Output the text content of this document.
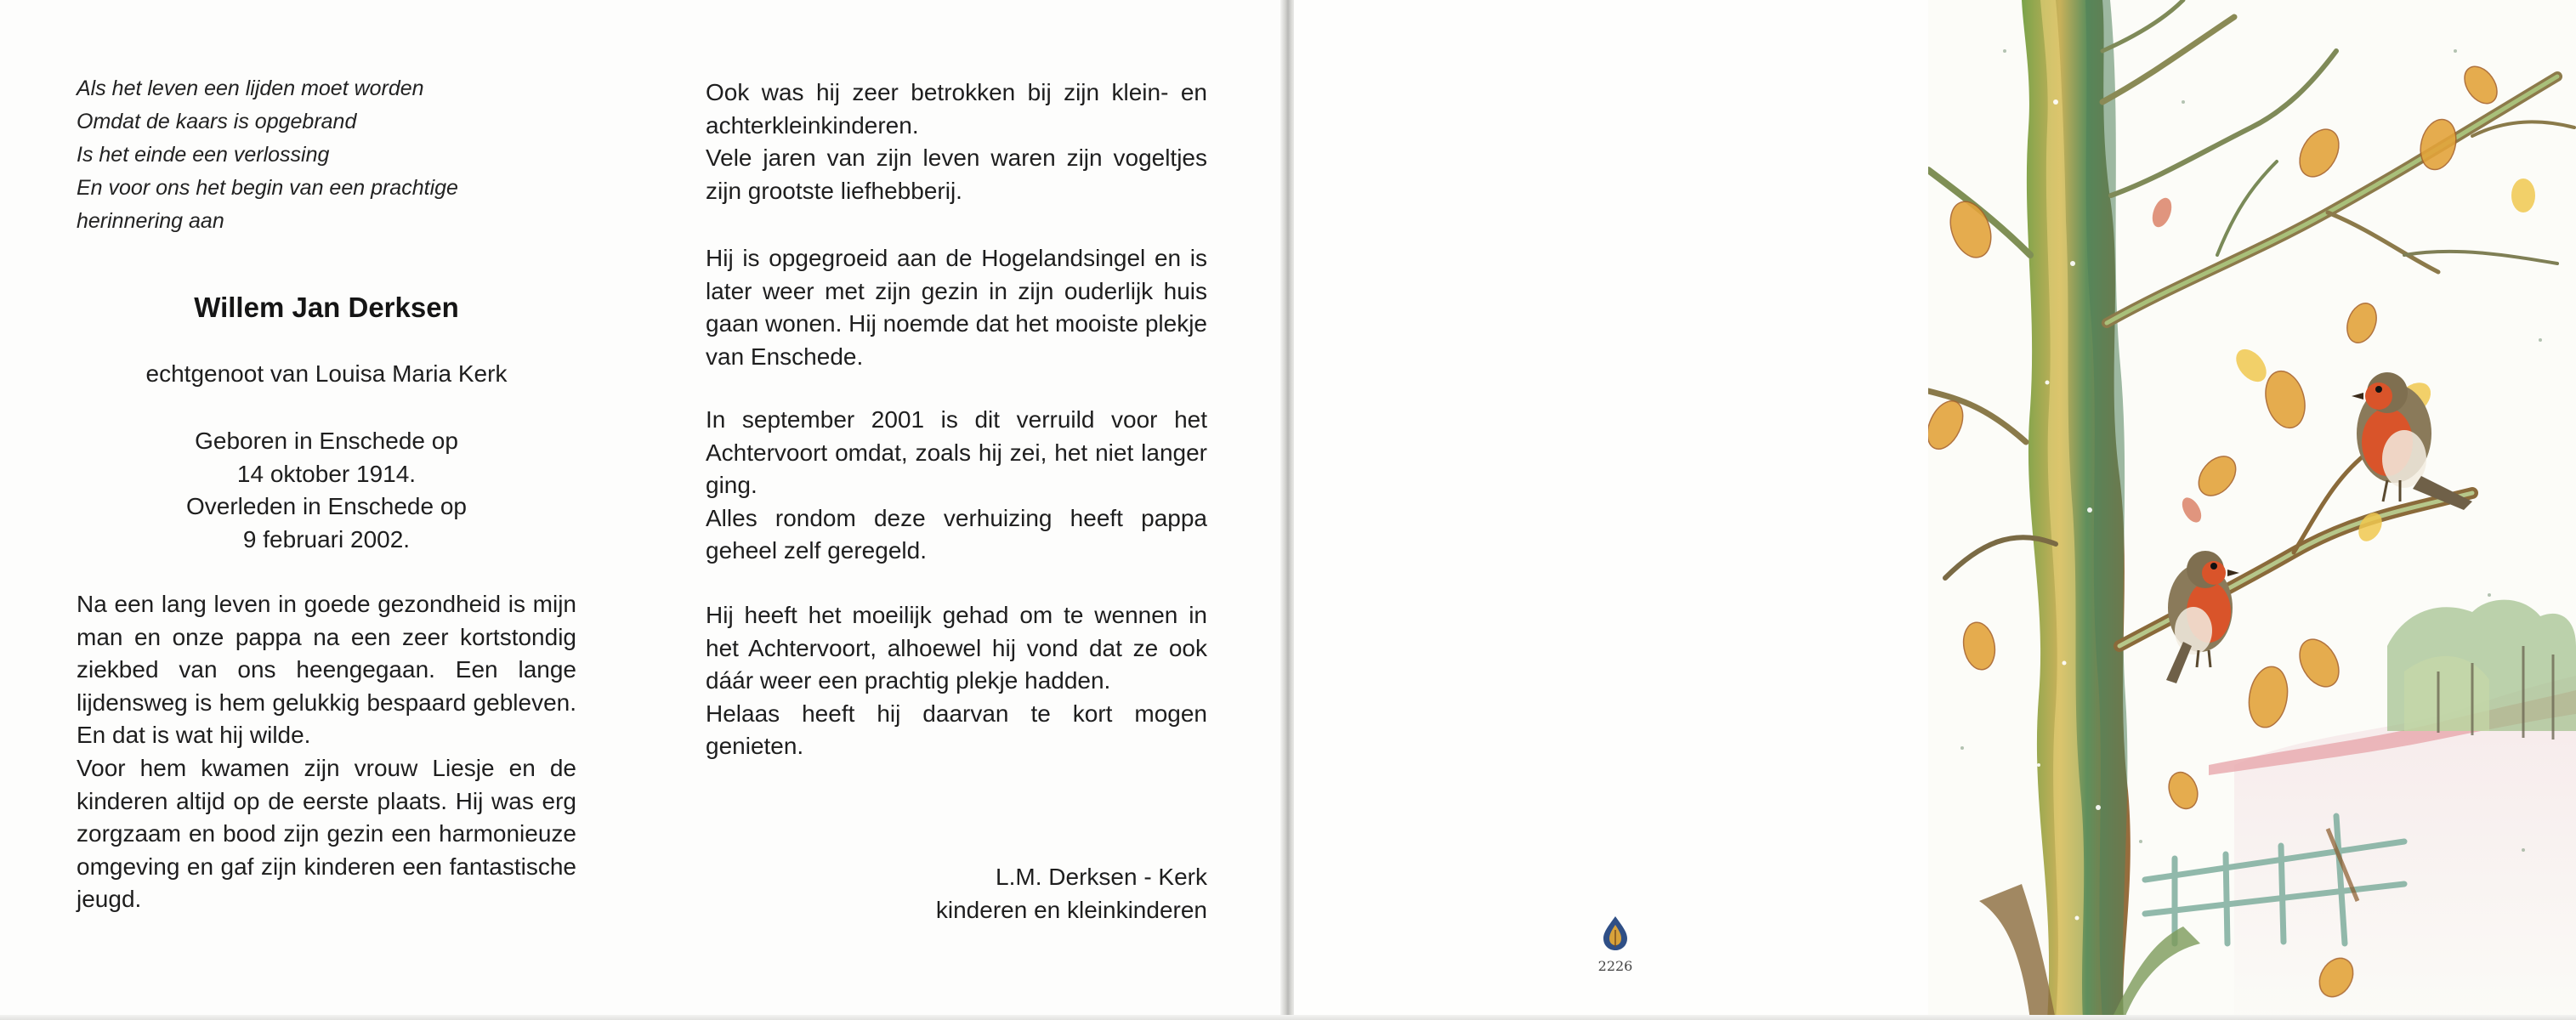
Als het leven een lijden moet worden
Omdat de kaars is opgebrand
Is het einde een verlossing
En voor ons het begin van een prachtige
herinnering aan
Willem Jan Derksen
echtgenoot van Louisa Maria Kerk
Geboren in Enschede op
14 oktober 1914.
Overleden in Enschede op
9 februari 2002.
Na een lang leven in goede gezondheid is mijn man en onze pappa na een zeer kortstondig ziekbed van ons heengegaan. Een lange lijdensweg is hem gelukkig bespaard gebleven. En dat is wat hij wilde.
Voor hem kwamen zijn vrouw Liesje en de kinderen altijd op de eerste plaats. Hij was erg zorgzaam en bood zijn gezin een harmonieuze omgeving en gaf zijn kinderen een fantastische jeugd.
Ook was hij zeer betrokken bij zijn klein- en achterkleinkinderen.
Vele jaren van zijn leven waren zijn vogeltjes zijn grootste liefhebberij.
Hij is opgegroeid aan de Hogelandsingel en is later weer met zijn gezin in zijn ouderlijk huis gaan wonen. Hij noemde dat het mooiste plekje van Enschede.
In september 2001 is dit verruild voor het Achtervoort omdat, zoals hij zei, het niet langer ging.
Alles rondom deze verhuizing heeft pappa geheel zelf geregeld.
Hij heeft het moeilijk gehad om te wennen in het Achtervoort, alhoewel hij vond dat ze ook dáár weer een prachtig plekje hadden.
Helaas heeft hij daarvan te kort mogen genieten.
L.M. Derksen - Kerk
kinderen en kleinkinderen
2226
